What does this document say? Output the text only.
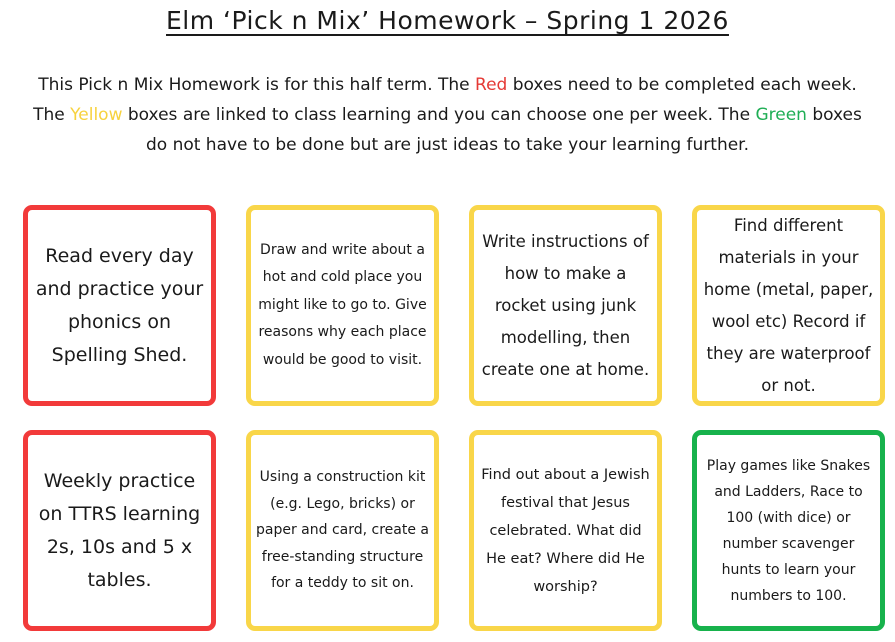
Elm ‘Pick n Mix’ Homework – Spring 1 2026
This Pick n Mix Homework is for this half term. The Red boxes need to be completed each week. The Yellow boxes are linked to class learning and you can choose one per week. The Green boxes do not have to be done but are just ideas to take your learning further.
Read every day and practice your phonics on Spelling Shed.
Draw and write about a hot and cold place you might like to go to. Give reasons why each place would be good to visit.
Write instructions of how to make a rocket using junk modelling, then create one at home.
Find different materials in your home (metal, paper, wool etc) Record if they are waterproof or not.
Weekly practice on TTRS learning 2s, 10s and 5 x tables.
Using a construction kit (e.g. Lego, bricks) or paper and card, create a free-standing structure for a teddy to sit on.
Find out about a Jewish festival that Jesus celebrated. What did He eat? Where did He worship?
Play games like Snakes and Ladders, Race to 100 (with dice) or number scavenger hunts to learn your numbers to 100.
